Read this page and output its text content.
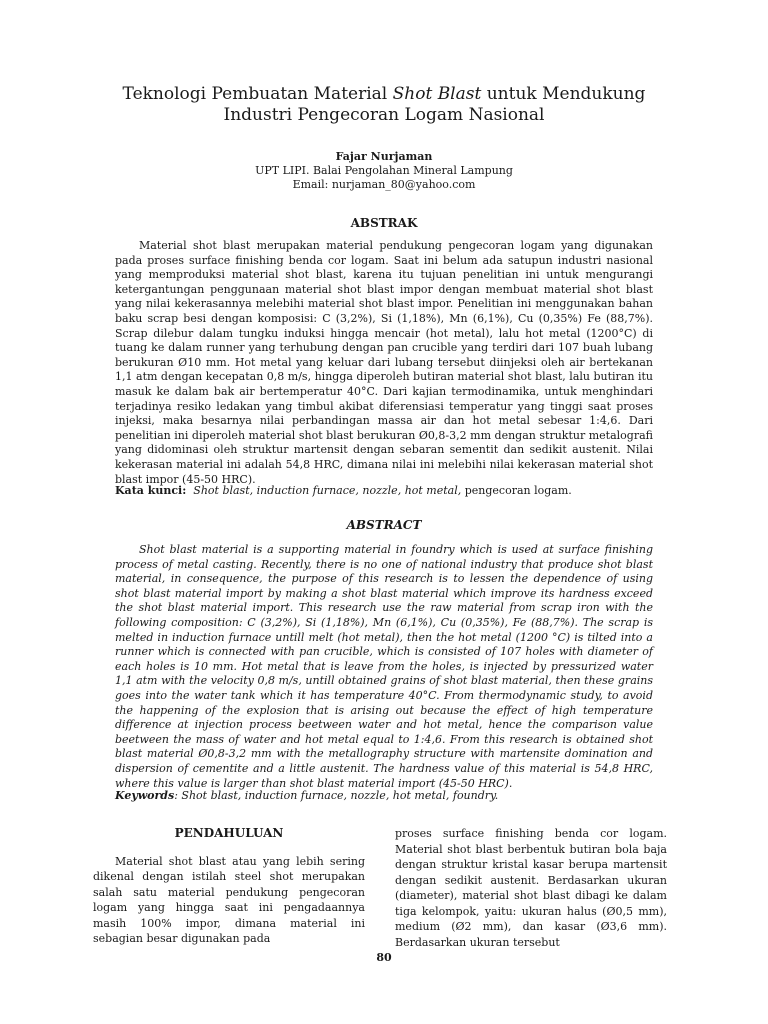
Teknologi Pembuatan Material Shot Blast untuk Mendukung
Industri Pengecoran Logam Nasional
Fajar Nurjaman
UPT LIPI. Balai Pengolahan Mineral Lampung
Email: nurjaman_80@yahoo.com
ABSTRAK
Material shot blast merupakan material pendukung pengecoran logam yang digunakan pada proses surface finishing benda cor logam. Saat ini belum ada satupun industri nasional yang memproduksi material shot blast, karena itu tujuan penelitian ini untuk mengurangi ketergantungan penggunaan material shot blast impor dengan membuat material shot blast yang nilai kekerasannya melebihi material shot blast impor. Penelitian ini menggunakan bahan baku scrap besi dengan komposisi: C (3,2%), Si (1,18%), Mn (6,1%), Cu (0,35%) Fe (88,7%). Scrap dilebur dalam tungku induksi hingga mencair (hot metal), lalu hot metal (1200°C) di tuang ke dalam runner yang terhubung dengan pan crucible yang terdiri dari 107 buah lubang berukuran Ø10 mm. Hot metal yang keluar dari lubang tersebut diinjeksi oleh air bertekanan 1,1 atm dengan kecepatan 0,8 m/s, hingga diperoleh butiran material shot blast, lalu butiran itu masuk ke dalam bak air bertemperatur 40°C. Dari kajian termodinamika, untuk menghindari terjadinya resiko ledakan yang timbul akibat diferensiasi temperatur yang tinggi saat proses injeksi, maka besarnya nilai perbandingan massa air dan hot metal sebesar 1:4,6. Dari penelitian ini diperoleh material shot blast berukuran Ø0,8-3,2 mm dengan struktur metalografi yang didominasi oleh struktur martensit dengan sebaran sementit dan sedikit austenit. Nilai kekerasan material ini adalah 54,8 HRC, dimana nilai ini melebihi nilai kekerasan material shot blast impor (45-50 HRC).
Kata kunci: Shot blast, induction furnace, nozzle, hot metal, pengecoran logam.
ABSTRACT
Shot blast material is a supporting material in foundry which is used at surface finishing process of metal casting. Recently, there is no one of national industry that produce shot blast material, in consequence, the purpose of this research is to lessen the dependence of using shot blast material import by making a shot blast material which improve its hardness exceed the shot blast material import. This research use the raw material from scrap iron with the following composition: C (3,2%), Si (1,18%), Mn (6,1%), Cu (0,35%), Fe (88,7%). The scrap is melted in induction furnace untill melt (hot metal), then the hot metal (1200 °C) is tilted into a runner which is connected with pan crucible, which is consisted of 107 holes with diameter of each holes is 10 mm. Hot metal that is leave from the holes, is injected by pressurized water 1,1 atm with the velocity 0,8 m/s, untill obtained grains of shot blast material, then these grains goes into the water tank which it has temperature 40°C. From thermodynamic study, to avoid the happening of the explosion that is arising out because the effect of high temperature difference at injection process beetween water and hot metal, hence the comparison value beetween the mass of water and hot metal equal to 1:4,6. From this research is obtained shot blast material Ø0,8-3,2 mm with the metallography structure with martensite domination and dispersion of cementite and a little austenit. The hardness value of this material is 54,8 HRC, where this value is larger than shot blast material import (45-50 HRC).
Keywords: Shot blast, induction furnace, nozzle, hot metal, foundry.
PENDAHULUAN
Material shot blast atau yang lebih sering dikenal dengan istilah steel shot merupakan salah satu material pendukung pengecoran logam yang hingga saat ini pengadaannya masih 100% impor, dimana material ini sebagian besar digunakan pada
proses surface finishing benda cor logam. Material shot blast berbentuk butiran bola baja dengan struktur kristal kasar berupa martensit dengan sedikit austenit. Berdasarkan ukuran (diameter), material shot blast dibagi ke dalam tiga kelompok, yaitu: ukuran halus (Ø0,5 mm), medium (Ø2 mm), dan kasar (Ø3,6 mm). Berdasarkan ukuran tersebut
80
